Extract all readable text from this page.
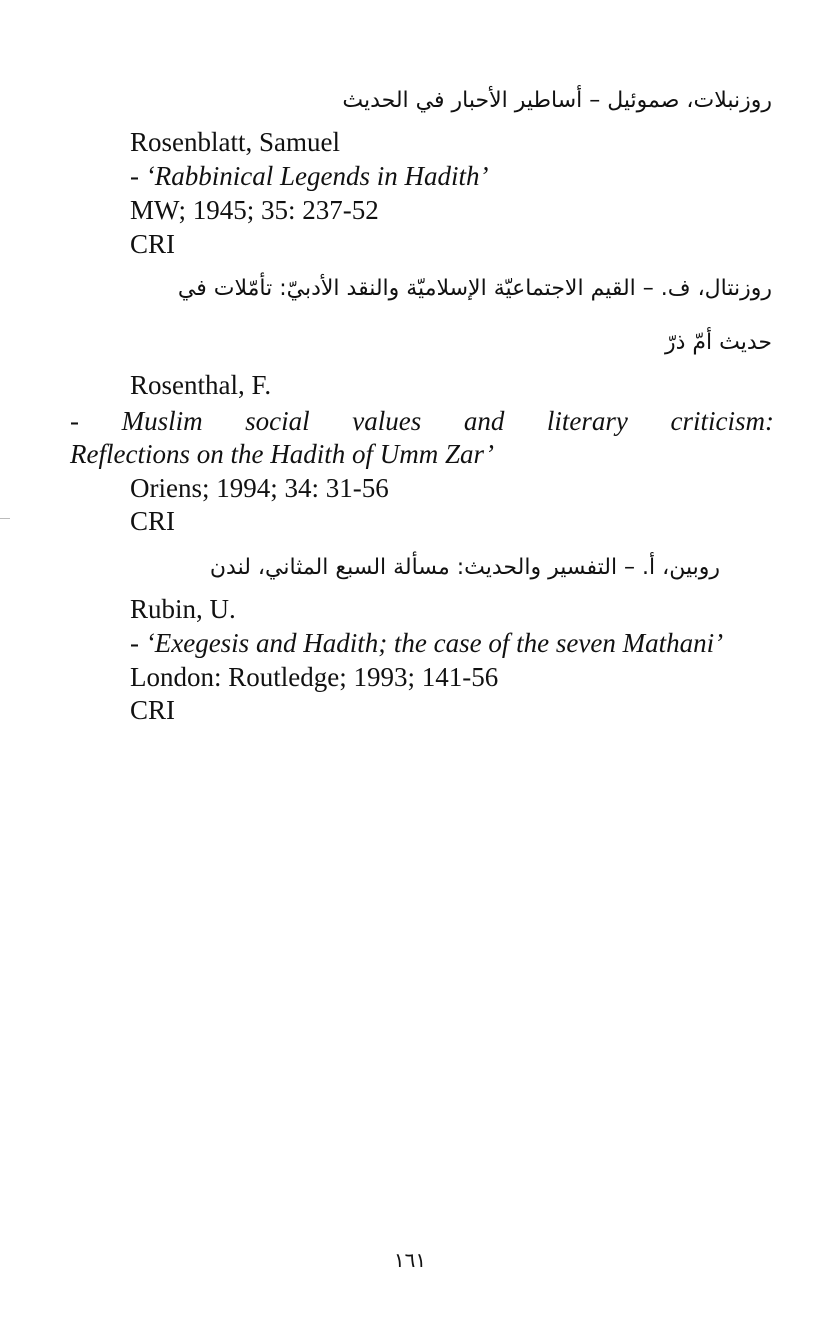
روزنبلات، صموئيل – أساطير الأحبار في الحديث
Rosenblatt, Samuel
- ‘Rabbinical Legends in Hadith’
MW; 1945; 35: 237-52
CRI
روزنتال، ف. – القيم الاجتماعيّة الإسلاميّة والنقد الأدبيّ: تأمّلات في
حديث أمّ ذرّ
Rosenthal, F.
- Muslim social values and literary criticism:
Reflections on the Hadith of Umm Zar’
Oriens; 1994; 34: 31-56
CRI
روبين، أ. – التفسير والحديث: مسألة السبع المثاني، لندن
Rubin, U.
- ‘Exegesis and Hadith; the case of the seven Mathani’
London: Routledge; 1993; 141-56
CRI
١٦١
